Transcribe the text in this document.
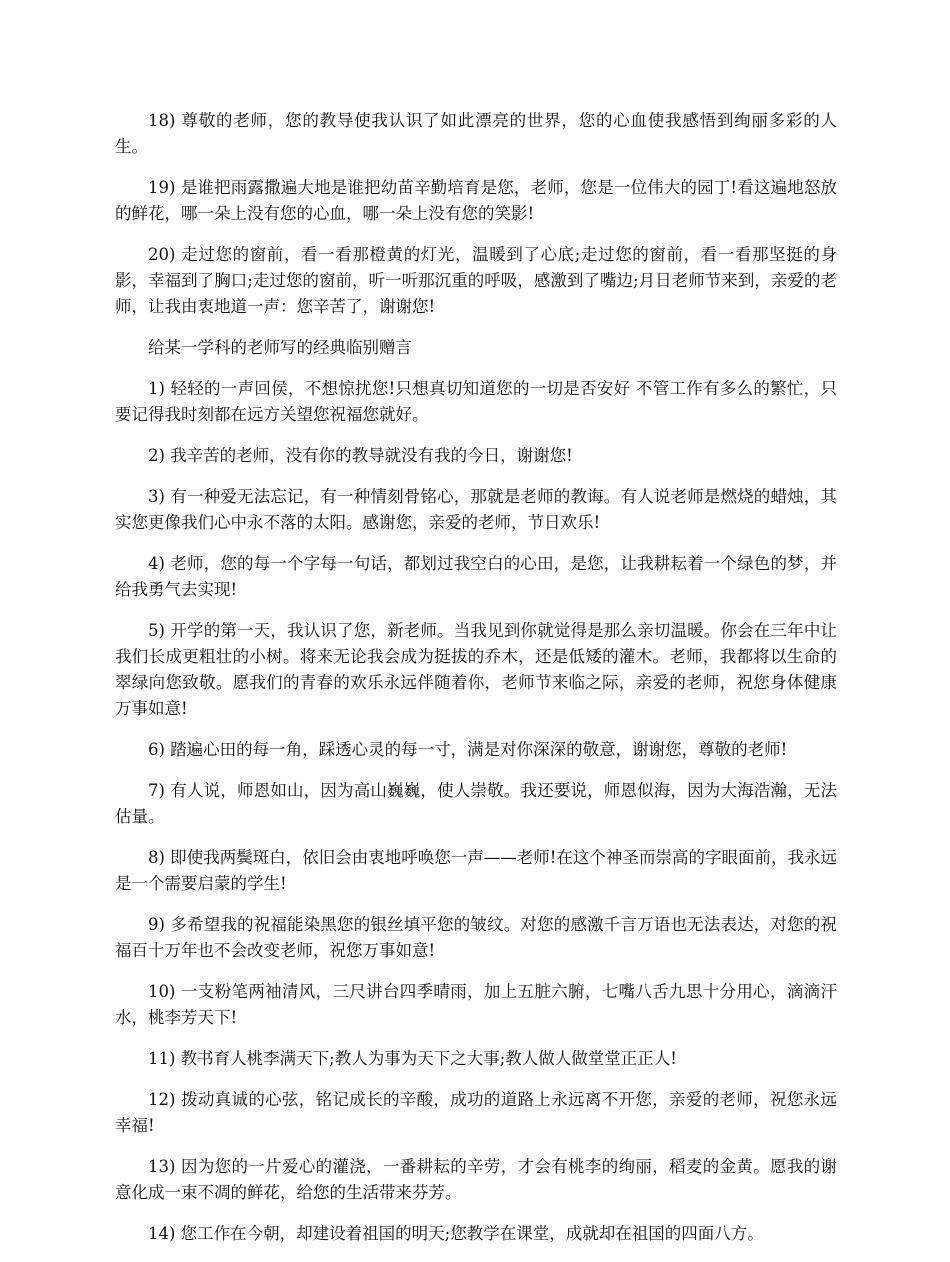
18) 尊敬的老师，您的教导使我认识了如此漂亮的世界，您的心血使我感悟到绚丽多彩的人生。

19) 是谁把雨露撒遍大地是谁把幼苗辛勤培育是您，老师，您是一位伟大的园丁!看这遍地怒放的鲜花，哪一朵上没有您的心血，哪一朵上没有您的笑影!

20) 走过您的窗前，看一看那橙黄的灯光，温暖到了心底;走过您的窗前，看一看那坚挺的身影，幸福到了胸口;走过您的窗前，听一听那沉重的呼吸，感激到了嘴边;月日老师节来到，亲爱的老师，让我由衷地道一声：您辛苦了，谢谢您!

给某一学科的老师写的经典临别赠言

1) 轻轻的一声回侯，不想惊扰您!只想真切知道您的一切是否安好 不管工作有多么的繁忙，只要记得我时刻都在远方关望您祝福您就好。

2) 我辛苦的老师，没有你的教导就没有我的今日，谢谢您!

3) 有一种爱无法忘记，有一种情刻骨铭心，那就是老师的教诲。有人说老师是燃烧的蜡烛，其实您更像我们心中永不落的太阳。感谢您，亲爱的老师，节日欢乐!

4) 老师，您的每一个字每一句话，都划过我空白的心田，是您，让我耕耘着一个绿色的梦，并给我勇气去实现!

5) 开学的第一天，我认识了您，新老师。当我见到你就觉得是那么亲切温暖。你会在三年中让我们长成更粗壮的小树。将来无论我会成为挺拔的乔木，还是低矮的灌木。老师，我都将以生命的翠绿向您致敬。愿我们的青春的欢乐永远伴随着你，老师节来临之际，亲爱的老师，祝您身体健康万事如意!

6) 踏遍心田的每一角，踩透心灵的每一寸，满是对你深深的敬意，谢谢您，尊敬的老师!

7) 有人说，师恩如山，因为高山巍巍，使人崇敬。我还要说，师恩似海，因为大海浩瀚，无法估量。

8) 即使我两鬓斑白，依旧会由衷地呼唤您一声——老师!在这个神圣而崇高的字眼面前，我永远是一个需要启蒙的学生!

9) 多希望我的祝福能染黑您的银丝填平您的皱纹。对您的感激千言万语也无法表达，对您的祝福百十万年也不会改变老师，祝您万事如意!

10) 一支粉笔两袖清风，三尺讲台四季晴雨，加上五脏六腑，七嘴八舌九思十分用心，滴滴汗水，桃李芳天下!

11) 教书育人桃李满天下;教人为事为天下之大事;教人做人做堂堂正正人!

12) 拨动真诚的心弦，铭记成长的辛酸，成功的道路上永远离不开您，亲爱的老师，祝您永远幸福!

13) 因为您的一片爱心的灌浇，一番耕耘的辛劳，才会有桃李的绚丽，稻麦的金黄。愿我的谢意化成一束不凋的鲜花，给您的生活带来芬芳。

14) 您工作在今朝，却建设着祖国的明天;您教学在课堂，成就却在祖国的四面八方。
